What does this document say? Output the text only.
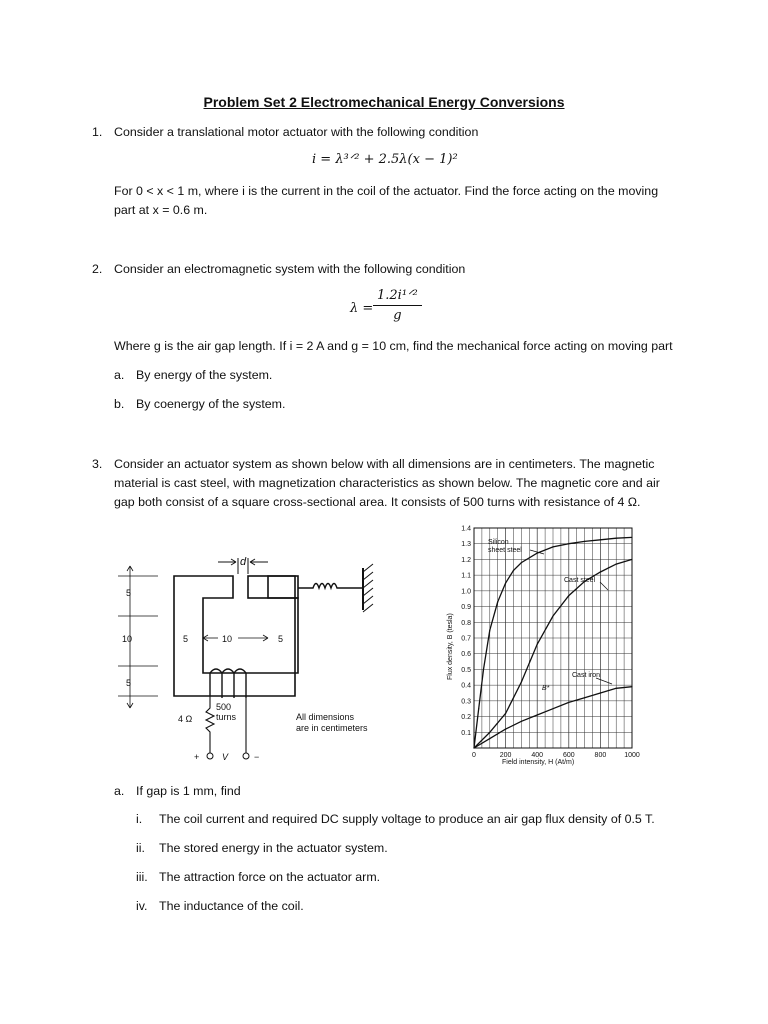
Problem Set 2 Electromechanical Energy Conversions
1. Consider a translational motor actuator with the following condition
i = λ³ᐟ² + 2.5λ(x − 1)²
For 0 < x < 1 m, where i is the current in the coil of the actuator. Find the force acting on the moving
part at x = 0.6 m.
2. Consider an electromagnetic system with the following condition
λ =
1.2i¹ᐟ²
g
Where g is the air gap length. If i = 2 A and g = 10 cm, find the mechanical force acting on moving part
a. By energy of the system.
b. By coenergy of the system.
3. Consider an actuator system as shown below with all dimensions are in centimeters. The magnetic
material is cast steel, with magnetization characteristics as shown below. The magnetic core and air
gap both consist of a square cross-sectional area. It consists of 500 turns with resistance of 4 Ω.
d
5
10
5
5	10	5
500
turns
4 Ω
+	V	−
All dimensions
are in centimeters
0	200	400	600	800	1000
0.1
0.2
0.3
0.4
0.5
0.6
0.7
0.8
0.9
1.0
1.1
1.2
1.3
1.4
Field intensity, H (At/m)
Flux density, B (tesla)
Silicon
sheet steel
Cast steel
Cast iron
B*
a. If gap is 1 mm, find
i. The coil current and required DC supply voltage to produce an air gap flux density of 0.5 T.
ii. The stored energy in the actuator system.
iii. The attraction force on the actuator arm.
iv. The inductance of the coil.
